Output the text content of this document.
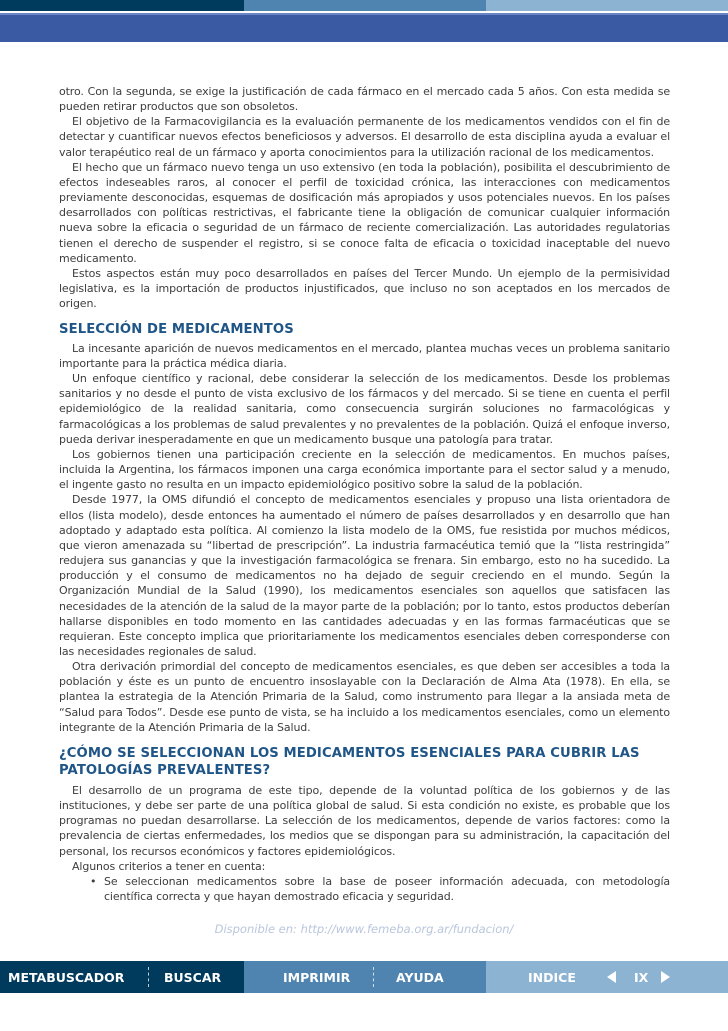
otro. Con la segunda, se exige la justificación de cada fármaco en el mercado cada 5 años. Con esta medida se pueden retirar productos que son obsoletos.

El objetivo de la Farmacovigilancia es la evaluación permanente de los medicamentos vendidos con el fin de detectar y cuantificar nuevos efectos beneficiosos y adversos. El desarrollo de esta disciplina ayuda a evaluar el valor terapéutico real de un fármaco y aporta conocimientos para la utilización racional de los medicamentos.

El hecho que un fármaco nuevo tenga un uso extensivo (en toda la población), posibilita el descubrimiento de efectos indeseables raros, al conocer el perfil de toxicidad crónica, las interacciones con medicamentos previamente desconocidas, esquemas de dosificación más apropiados y usos potenciales nuevos. En los países desarrollados con políticas restrictivas, el fabricante tiene la obligación de comunicar cualquier información nueva sobre la eficacia o seguridad de un fármaco de reciente comercialización. Las autoridades regulatorias tienen el derecho de suspender el registro, si se conoce falta de eficacia o toxicidad inaceptable del nuevo medicamento.

Estos aspectos están muy poco desarrollados en países del Tercer Mundo. Un ejemplo de la permisividad legislativa, es la importación de productos injustificados, que incluso no son aceptados en los mercados de origen.

SELECCIÓN DE MEDICAMENTOS

La incesante aparición de nuevos medicamentos en el mercado, plantea muchas veces un problema sanitario importante para la práctica médica diaria.

Un enfoque científico y racional, debe considerar la selección de los medicamentos. Desde los problemas sanitarios y no desde el punto de vista exclusivo de los fármacos y del mercado. Si se tiene en cuenta el perfil epidemiológico de la realidad sanitaria, como consecuencia surgirán soluciones no farmacológicas y farmacológicas a los problemas de salud prevalentes y no prevalentes de la población. Quizá el enfoque inverso, pueda derivar inesperadamente en que un medicamento busque una patología para tratar.

Los gobiernos tienen una participación creciente en la selección de medicamentos. En muchos países, incluida la Argentina, los fármacos imponen una carga económica importante para el sector salud y a menudo, el ingente gasto no resulta en un impacto epidemiológico positivo sobre la salud de la población.

Desde 1977, la OMS difundió el concepto de medicamentos esenciales y propuso una lista orientadora de ellos (lista modelo), desde entonces ha aumentado el número de países desarrollados y en desarrollo que han adoptado y adaptado esta política. Al comienzo la lista modelo de la OMS, fue resistida por muchos médicos, que vieron amenazada su “libertad de prescripción”. La industria farmacéutica temió que la “lista restringida” redujera sus ganancias y que la investigación farmacológica se frenara. Sin embargo, esto no ha sucedido. La producción y el consumo de medicamentos no ha dejado de seguir creciendo en el mundo. Según la Organización Mundial de la Salud (1990), los medicamentos esenciales son aquellos que satisfacen las necesidades de la atención de la salud de la mayor parte de la población; por lo tanto, estos productos deberían hallarse disponibles en todo momento en las cantidades adecuadas y en las formas farmacéuticas que se requieran. Este concepto implica que prioritariamente los medicamentos esenciales deben corresponderse con las necesidades regionales de salud.

Otra derivación primordial del concepto de medicamentos esenciales, es que deben ser accesibles a toda la población y éste es un punto de encuentro insoslayable con la Declaración de Alma Ata (1978). En ella, se plantea la estrategia de la Atención Primaria de la Salud, como instrumento para llegar a la ansiada meta de “Salud para Todos”. Desde ese punto de vista, se ha incluido a los medicamentos esenciales, como un elemento integrante de la Atención Primaria de la Salud.

¿CÓMO SE SELECCIONAN LOS MEDICAMENTOS ESENCIALES PARA CUBRIR LAS PATOLOGÍAS PREVALENTES?

El desarrollo de un programa de este tipo, depende de la voluntad política de los gobiernos y de las instituciones, y debe ser parte de una política global de salud. Si esta condición no existe, es probable que los programas no puedan desarrollarse. La selección de los medicamentos, depende de varios factores: como la prevalencia de ciertas enfermedades, los medios que se dispongan para su administración, la capacitación del personal, los recursos económicos y factores epidemiológicos.

Algunos criterios a tener en cuenta:

• Se seleccionan medicamentos sobre la base de poseer información adecuada, con metodología científica correcta y que hayan demostrado eficacia y seguridad.
Disponible en: http://www.femeba.org.ar/fundacion/
METABUSCADOR	BUSCAR	IMPRIMIR	AYUDA	INDICE	IX
